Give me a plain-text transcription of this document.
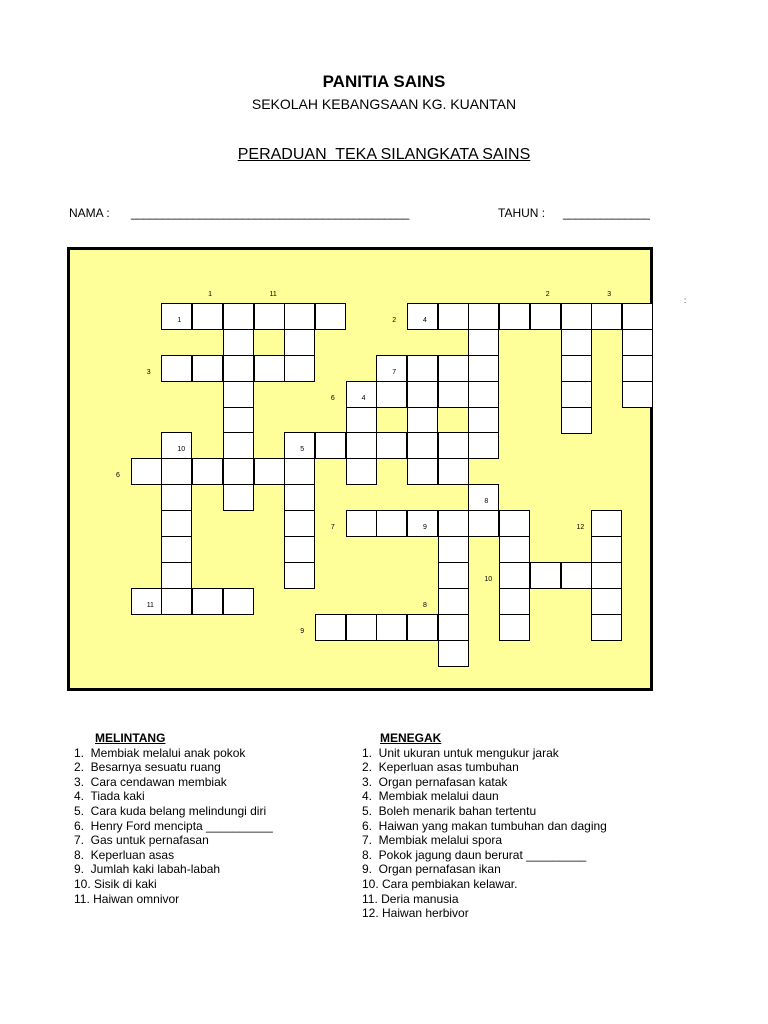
PANITIA SAINS
SEKOLAH KEBANGSAAN KG. KUANTAN
PERADUAN  TEKA SILANGKATA SAINS
NAMA : _____________________________________________	TAHUN : ______________
1	11	2	3
1	2	4
3	7
6	4
10	5
6
8
7	9	12
10
11	8
9
:
MELINTANG
1.  Membiak melalui anak pokok
2.  Besarnya sesuatu ruang
3.  Cara cendawan membiak
4.  Tiada kaki
5.  Cara kuda belang melindungi diri
6.  Henry Ford mencipta __________
7.  Gas untuk pernafasan
8.  Keperluan asas
9.  Jumlah kaki labah-labah
10. Sisik di kaki
11. Haiwan omnivor
MENEGAK
1.  Unit ukuran untuk mengukur jarak
2.  Keperluan asas tumbuhan
3.  Organ pernafasan katak
4.  Membiak melalui daun
5.  Boleh menarik bahan tertentu
6.  Haiwan yang makan tumbuhan dan daging
7.  Membiak melalui spora
8.  Pokok jagung daun berurat _________
9.  Organ pernafasan ikan
10. Cara pembiakan kelawar.
11. Deria manusia
12. Haiwan herbivor
